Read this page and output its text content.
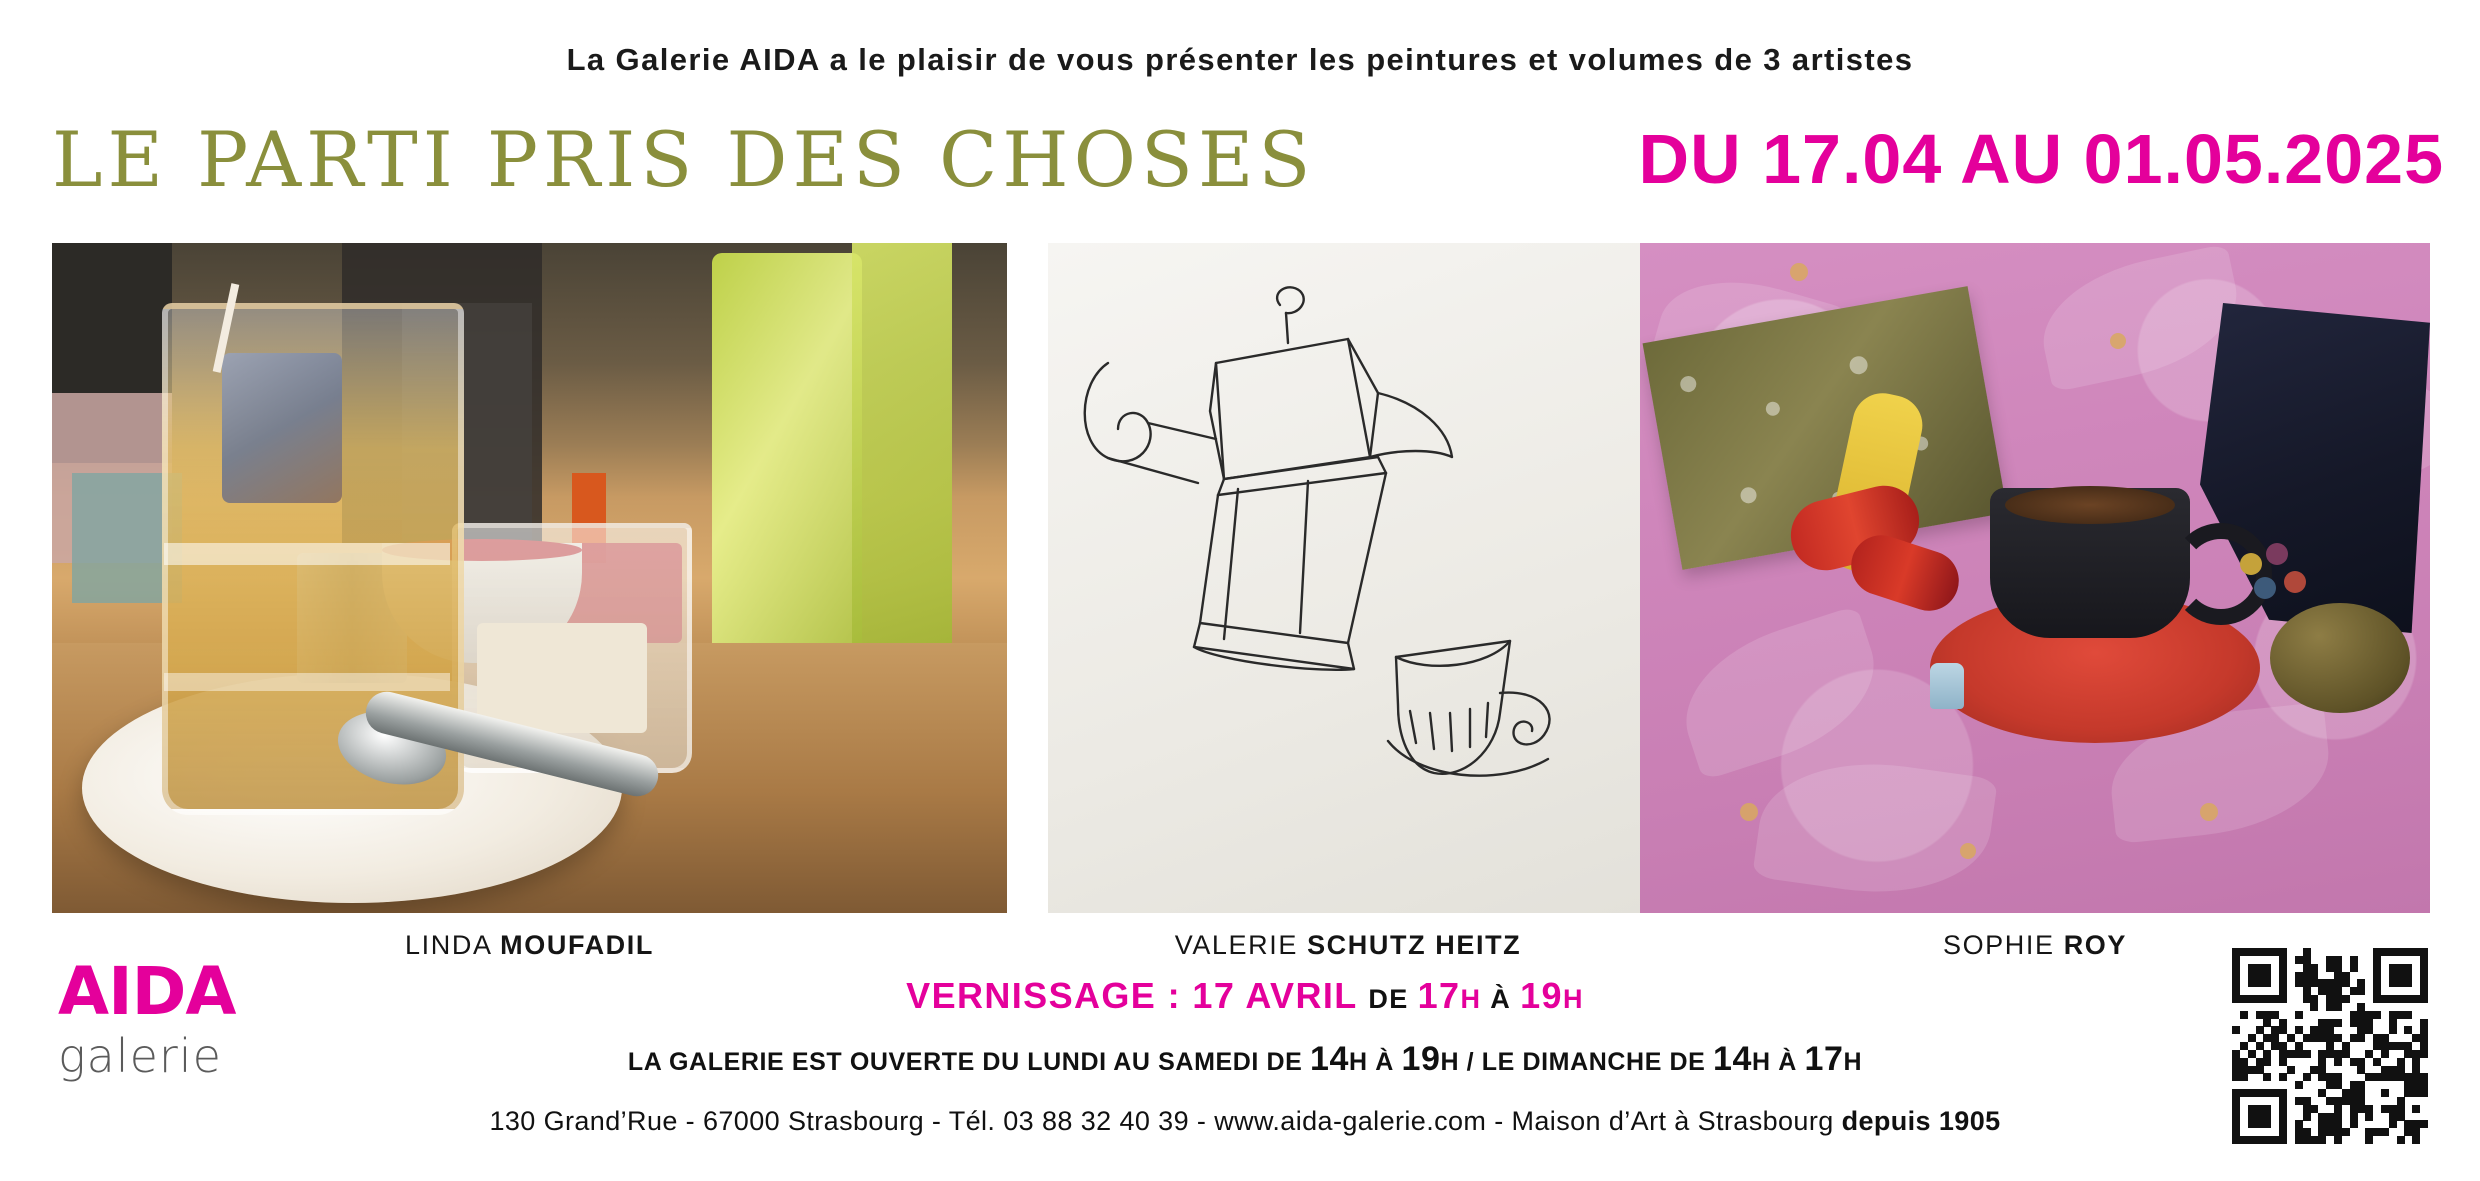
La Galerie AIDA a le plaisir de vous présenter les peintures et volumes de 3 artistes
LE PARTI PRIS DES CHOSES	DU 17.04 AU 01.05.2025
LINDA MOUFADIL	VALERIE SCHUTZ HEITZ	SOPHIE ROY
AIDA
galerie
VERNISSAGE : 17 AVRIL DE 17H À 19H
LA GALERIE EST OUVERTE DU LUNDI AU SAMEDI DE 14H À 19H / LE DIMANCHE DE 14H À 17H
130 Grand’Rue - 67000 Strasbourg - Tél. 03 88 32 40 39 - www.aida-galerie.com - Maison d’Art à Strasbourg depuis 1905
